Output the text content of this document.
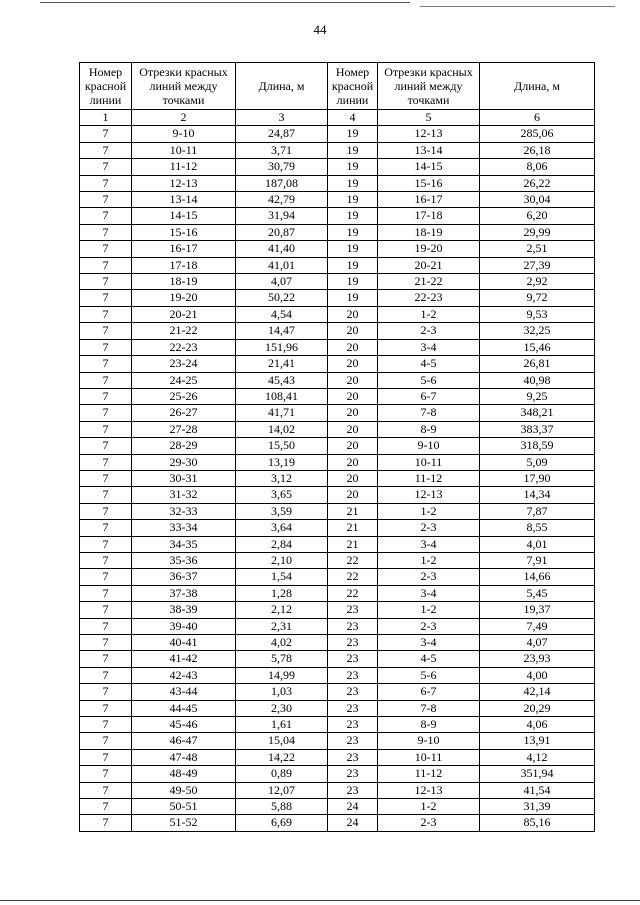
44
Номер красной линии	Отрезки красных линий между точками	Длина, м	Номер красной линии	Отрезки красных линий между точками	Длина, м
1	2	3	4	5	6
7	9-10	24,87	19	12-13	285,06
7	10-11	3,71	19	13-14	26,18
7	11-12	30,79	19	14-15	8,06
7	12-13	187,08	19	15-16	26,22
7	13-14	42,79	19	16-17	30,04
7	14-15	31,94	19	17-18	6,20
7	15-16	20,87	19	18-19	29,99
7	16-17	41,40	19	19-20	2,51
7	17-18	41,01	19	20-21	27,39
7	18-19	4,07	19	21-22	2,92
7	19-20	50,22	19	22-23	9,72
7	20-21	4,54	20	1-2	9,53
7	21-22	14,47	20	2-3	32,25
7	22-23	151,96	20	3-4	15,46
7	23-24	21,41	20	4-5	26,81
7	24-25	45,43	20	5-6	40,98
7	25-26	108,41	20	6-7	9,25
7	26-27	41,71	20	7-8	348,21
7	27-28	14,02	20	8-9	383,37
7	28-29	15,50	20	9-10	318,59
7	29-30	13,19	20	10-11	5,09
7	30-31	3,12	20	11-12	17,90
7	31-32	3,65	20	12-13	14,34
7	32-33	3,59	21	1-2	7,87
7	33-34	3,64	21	2-3	8,55
7	34-35	2,84	21	3-4	4,01
7	35-36	2,10	22	1-2	7,91
7	36-37	1,54	22	2-3	14,66
7	37-38	1,28	22	3-4	5,45
7	38-39	2,12	23	1-2	19,37
7	39-40	2,31	23	2-3	7,49
7	40-41	4,02	23	3-4	4,07
7	41-42	5,78	23	4-5	23,93
7	42-43	14,99	23	5-6	4,00
7	43-44	1,03	23	6-7	42,14
7	44-45	2,30	23	7-8	20,29
7	45-46	1,61	23	8-9	4,06
7	46-47	15,04	23	9-10	13,91
7	47-48	14,22	23	10-11	4,12
7	48-49	0,89	23	11-12	351,94
7	49-50	12,07	23	12-13	41,54
7	50-51	5,88	24	1-2	31,39
7	51-52	6,69	24	2-3	85,16
